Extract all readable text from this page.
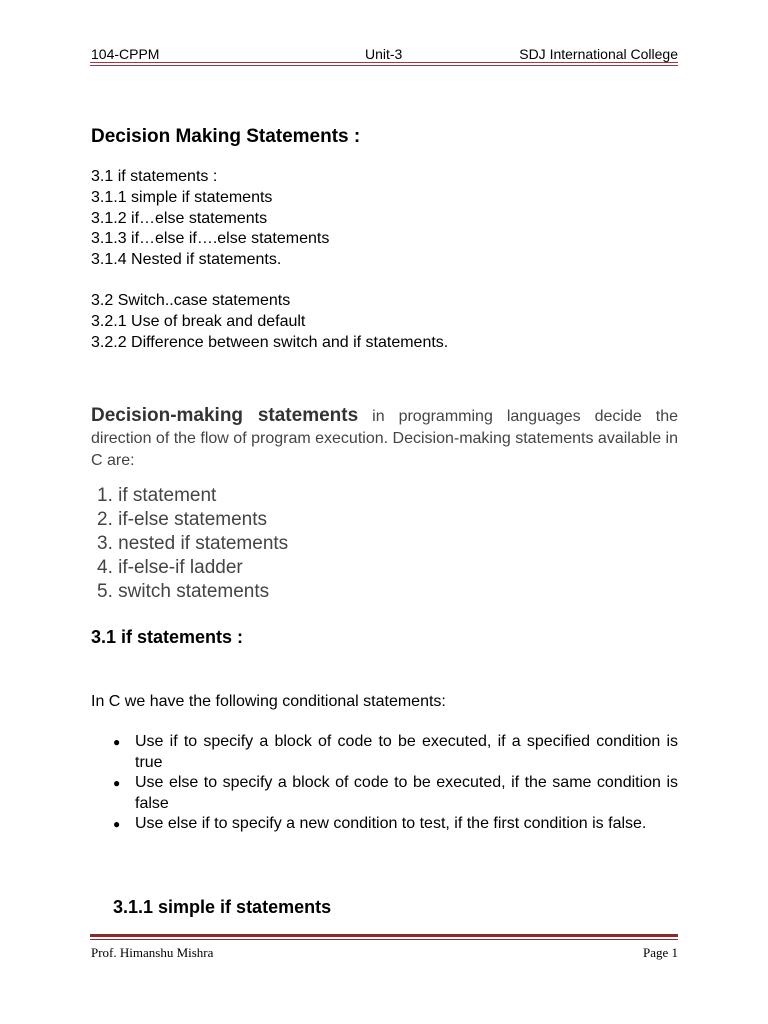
104-CPPM	Unit-3	SDJ International College
Decision Making Statements :
3.1 if statements :
3.1.1 simple if statements
3.1.2 if…else statements
3.1.3 if…else if….else statements
3.1.4 Nested if statements.
3.2 Switch..case statements
3.2.1 Use of break and default
3.2.2 Difference between switch and if statements.
Decision-making statements in programming languages decide the direction of the flow of program execution. Decision-making statements available in C are:
1. if statement
2. if-else statements
3. nested if statements
4. if-else-if ladder
5. switch statements
3.1 if statements :
In C we have the following conditional statements:
● Use if to specify a block of code to be executed, if a specified condition is true
● Use else to specify a block of code to be executed, if the same condition is false
● Use else if to specify a new condition to test, if the first condition is false.
3.1.1 simple if statements
Prof. Himanshu Mishra	Page 1
